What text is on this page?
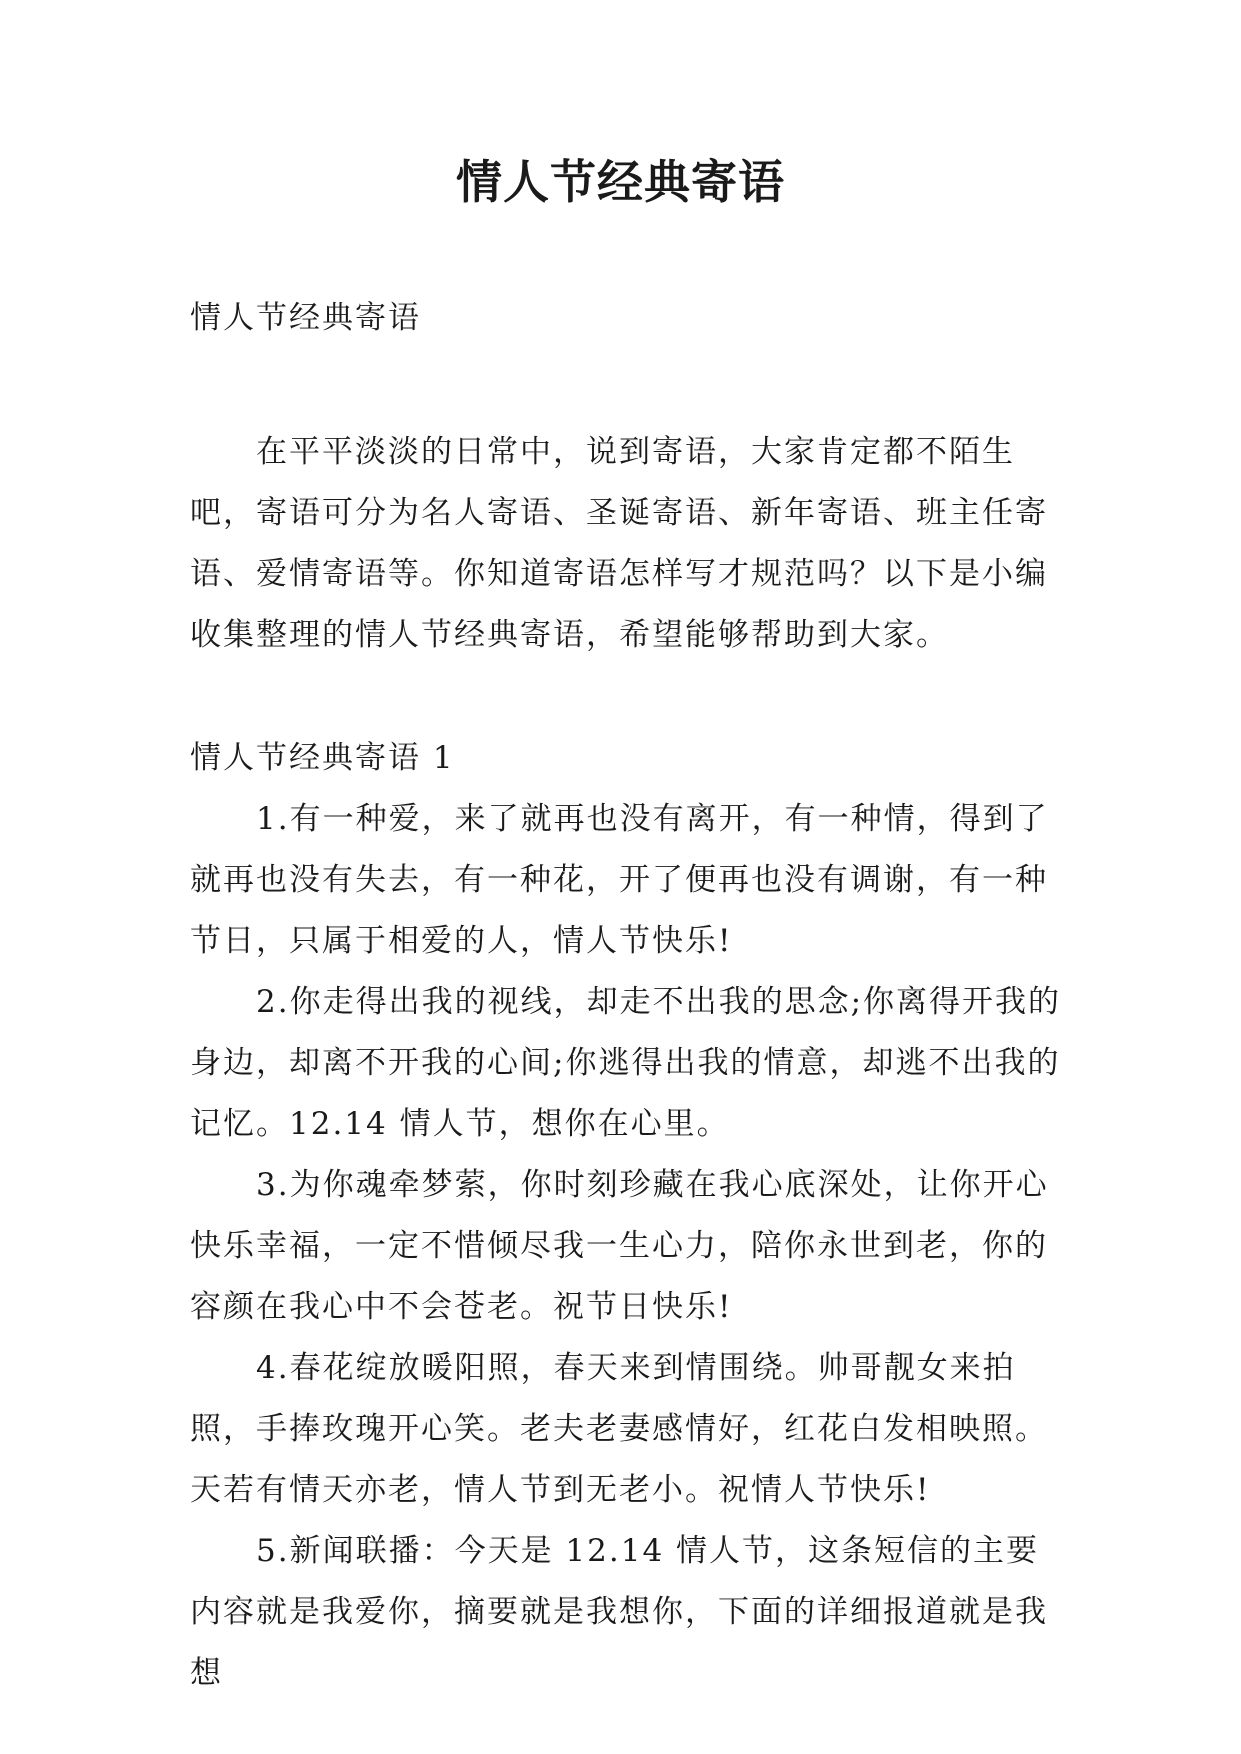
情人节经典寄语

情人节经典寄语

在平平淡淡的日常中，说到寄语，大家肯定都不陌生吧，寄语可分为名人寄语、圣诞寄语、新年寄语、班主任寄语、爱情寄语等。你知道寄语怎样写才规范吗？以下是小编收集整理的情人节经典寄语，希望能够帮助到大家。

情人节经典寄语 1

1.有一种爱，来了就再也没有离开，有一种情，得到了就再也没有失去，有一种花，开了便再也没有调谢，有一种节日，只属于相爱的人，情人节快乐!

2.你走得出我的视线，却走不出我的思念;你离得开我的身边，却离不开我的心间;你逃得出我的情意，却逃不出我的记忆。12.14 情人节，想你在心里。

3.为你魂牵梦萦，你时刻珍藏在我心底深处，让你开心快乐幸福，一定不惜倾尽我一生心力，陪你永世到老，你的容颜在我心中不会苍老。祝节日快乐!

4.春花绽放暖阳照，春天来到情围绕。帅哥靓女来拍照，手捧玫瑰开心笑。老夫老妻感情好，红花白发相映照。天若有情天亦老，情人节到无老小。祝情人节快乐!

5.新闻联播：今天是 12.14 情人节，这条短信的主要内容就是我爱你，摘要就是我想你，下面的详细报道就是我想
